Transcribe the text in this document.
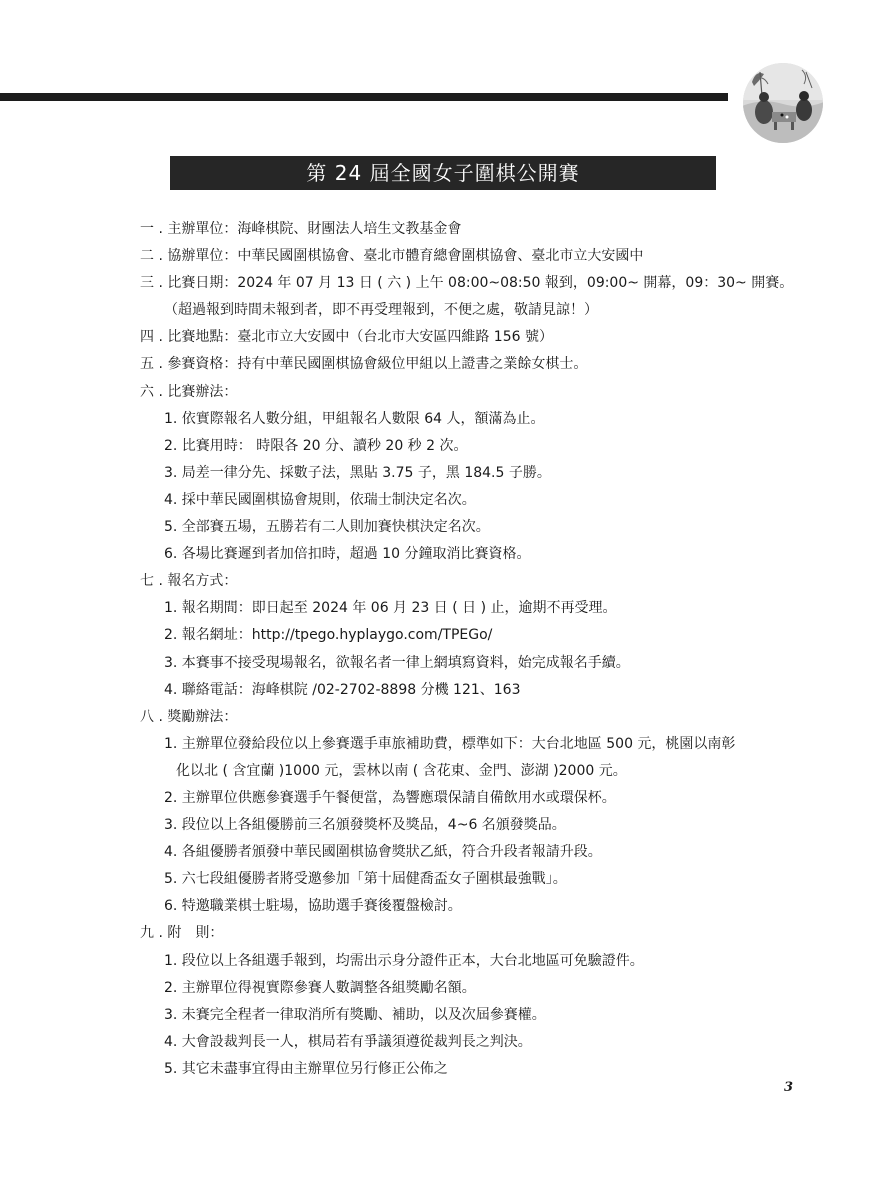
第 24 屆全國女子圍棋公開賽
一 . 主辦單位：海峰棋院、財團法人培生文教基金會
二 . 協辦單位：中華民國圍棋協會、臺北市體育總會圍棋協會、臺北市立大安國中
三 . 比賽日期：2024 年 07 月 13 日 ( 六 ) 上午 08:00~08:50 報到，09:00~ 開幕，09：30~ 開賽。
（超過報到時間未報到者，即不再受理報到，不便之處，敬請見諒！）
四 . 比賽地點：臺北市立大安國中（台北市大安區四維路 156 號）
五 . 參賽資格：持有中華民國圍棋協會級位甲組以上證書之業餘女棋士。
六 . 比賽辦法：
1. 依實際報名人數分組，甲組報名人數限 64 人，額滿為止。
2. 比賽用時： 時限各 20 分、讀秒 20 秒 2 次。
3. 局差一律分先、採數子法，黑貼 3.75 子，黑 184.5 子勝。
4. 採中華民國圍棋協會規則，依瑞士制決定名次。
5. 全部賽五場，五勝若有二人則加賽快棋決定名次。
6. 各場比賽遲到者加倍扣時，超過 10 分鐘取消比賽資格。
七 . 報名方式：
1. 報名期間：即日起至 2024 年 06 月 23 日 ( 日 ) 止，逾期不再受理。
2. 報名網址：http://tpego.hyplaygo.com/TPEGo/
3. 本賽事不接受現場報名，欲報名者一律上網填寫資料，始完成報名手續。
4. 聯絡電話：海峰棋院 /02-2702-8898 分機 121、163
八 . 獎勵辦法：
1. 主辦單位發給段位以上參賽選手車旅補助費，標準如下：大台北地區 500 元，桃園以南彰
化以北 ( 含宜蘭 )1000 元，雲林以南 ( 含花東、金門、澎湖 )2000 元。
2. 主辦單位供應參賽選手午餐便當，為響應環保請自備飲用水或環保杯。
3. 段位以上各組優勝前三名頒發獎杯及獎品，4~6 名頒發獎品。
4. 各組優勝者頒發中華民國圍棋協會獎狀乙紙，符合升段者報請升段。
5. 六七段組優勝者將受邀參加「第十屆健喬盃女子圍棋最強戰」。
6. 特邀職業棋士駐場，協助選手賽後覆盤檢討。
九 . 附　則：
1. 段位以上各組選手報到，均需出示身分證件正本，大台北地區可免驗證件。
2. 主辦單位得視實際參賽人數調整各組獎勵名額。
3. 未賽完全程者一律取消所有獎勵、補助，以及次屆參賽權。
4. 大會設裁判長一人，棋局若有爭議須遵從裁判長之判決。
5. 其它未盡事宜得由主辦單位另行修正公佈之
3
